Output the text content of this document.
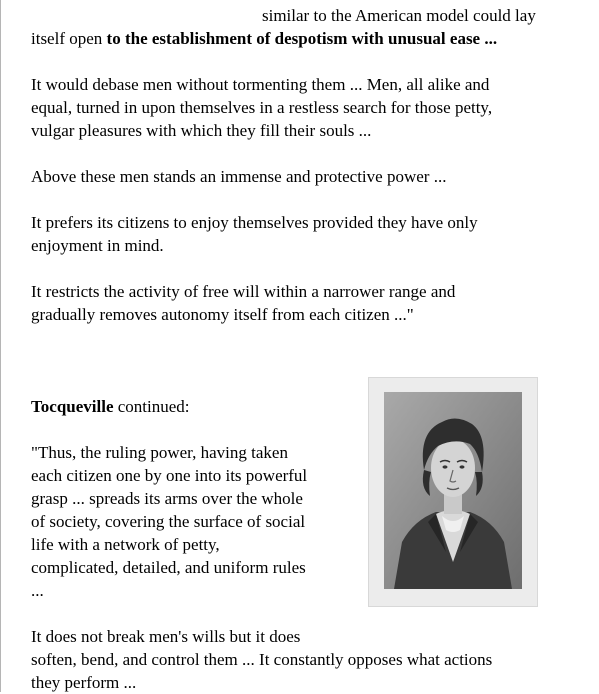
similar to the American model could lay

itself open to the establishment of despotism with unusual ease ...

It would debase men without tormenting them ... Men, all alike and
equal, turned in upon themselves in a restless search for those petty,
vulgar pleasures with which they fill their souls ...

Above these men stands an immense and protective power ...

It prefers its citizens to enjoy themselves provided they have only
enjoyment in mind.

It restricts the activity of free will within a narrower range and
gradually removes autonomy itself from each citizen ..."

Tocqueville continued:

"Thus, the ruling power, having taken
each citizen one by one into its powerful
grasp ... spreads its arms over the whole
of society, covering the surface of social
life with a network of petty,
complicated, detailed, and uniform rules
...

It does not break men's wills but it does
soften, bend, and control them ... It constantly opposes what actions
they perform ...
